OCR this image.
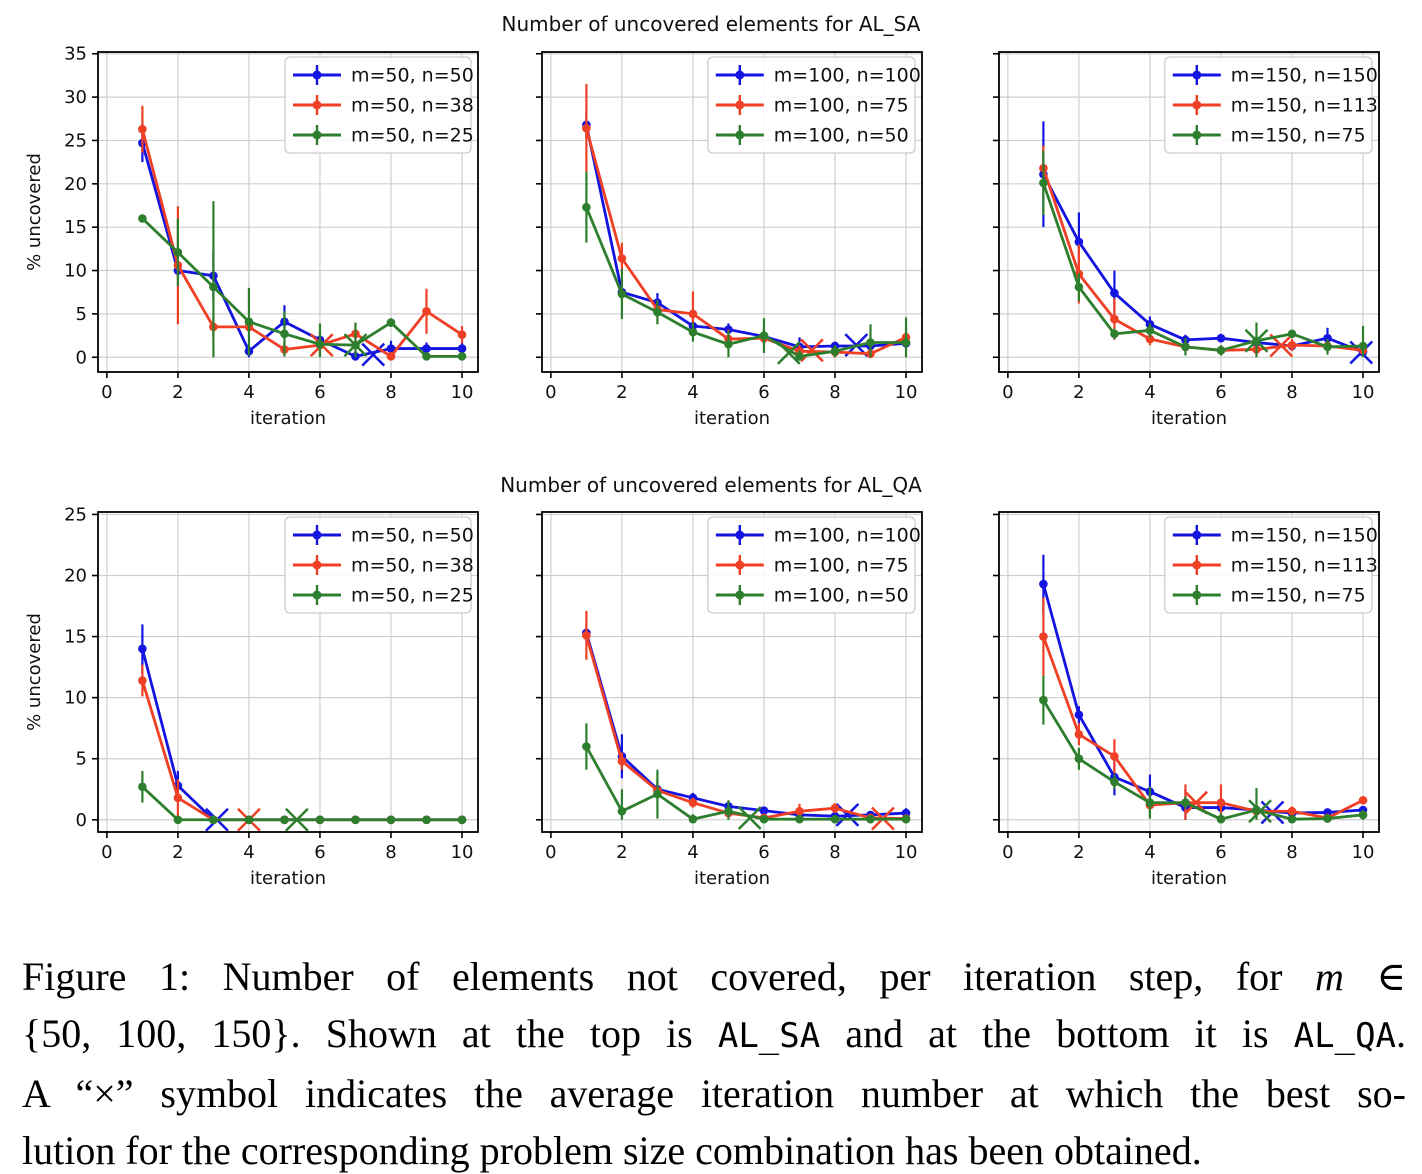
Number of uncovered elements for AL_SA
Number of uncovered elements for AL_QA
0	2	4	6	8	10
0
5
10
15
20
25
30
35
iteration
% uncovered
m=50, n=50
m=50, n=38
m=50, n=25
0	2	4	6	8	10
iteration
m=100, n=100
m=100, n=75
m=100, n=50
0	2	4	6	8	10
iteration
m=150, n=150
m=150, n=113
m=150, n=75
0	2	4	6	8	10
0
5
10
15
20
25
iteration
% uncovered
m=50, n=50
m=50, n=38
m=50, n=25
0	2	4	6	8	10
iteration
m=100, n=100
m=100, n=75
m=100, n=50
0	2	4	6	8	10
iteration
m=150, n=150
m=150, n=113
m=150, n=75
Figure 1: Number of elements not covered, per iteration step, for m ∈
{50, 100, 150}. Shown at the top is AL_SA and at the bottom it is AL_QA.
A “×” symbol indicates the average iteration number at which the best so-
lution for the corresponding problem size combination has been obtained.
